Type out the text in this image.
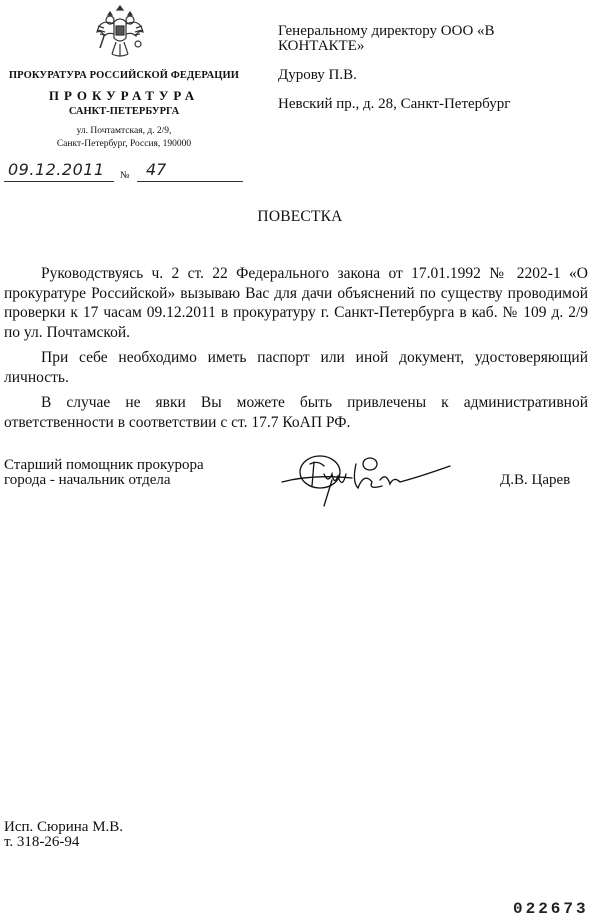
ПРОКУРАТУРА РОССИЙСКОЙ ФЕДЕРАЦИИ
ПРОКУРАТУРА
САНКТ-ПЕТЕРБУРГА
ул. Почтамтская, д. 2/9,
Санкт-Петербург, Россия, 190000
09.12.2011 № 47
Генеральному директору ООО «В КОНТАКТЕ»
Дурову П.В.
Невский пр., д. 28, Санкт-Петербург
ПОВЕСТКА

Руководствуясь ч. 2 ст. 22 Федерального закона от 17.01.1992 № 2202-1 «О прокуратуре Российской» вызываю Вас для дачи объяснений по существу проводимой проверки к 17 часам 09.12.2011 в прокуратуру г. Санкт-Петербурга в каб. № 109 д. 2/9 по ул. Почтамской.

При себе необходимо иметь паспорт или иной документ, удостоверяющий личность.

В случае не явки Вы можете быть привлечены к административной ответственности в соответствии с ст. 17.7 КоАП РФ.

Старший помощник прокурора
города - начальник отдела	Д.В. Царев
Исп. Сюрина М.В.
т. 318-26-94
022673
